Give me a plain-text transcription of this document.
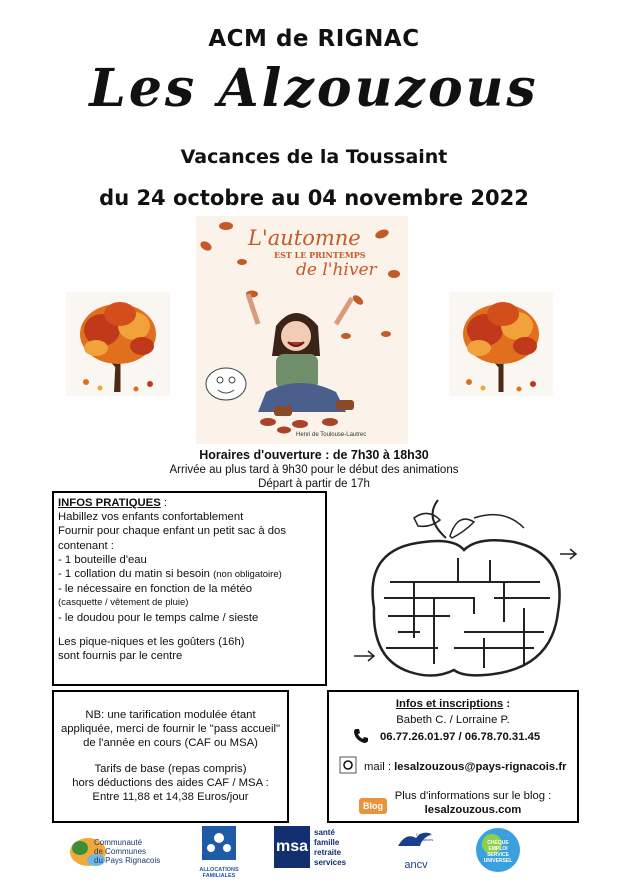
ACM de RIGNAC
Les Alzouzous
Vacances de la Toussaint
du 24 octobre au 04 novembre 2022
L'automne
EST LE PRINTEMPS
de l'hiver
Henri de Toulouse-Lautrec
Horaires d'ouverture : de 7h30 à 18h30
Arrivée au plus tard à 9h30 pour le début des animations
Départ à partir de 17h
INFOS PRATIQUES :
Habillez vos enfants confortablement
Fournir pour chaque enfant un petit sac à dos
contenant :
- 1 bouteille d'eau
- 1 collation du matin si besoin (non obligatoire)
- le nécessaire en fonction de la météo
(casquette / vêtement de pluie)
- le doudou pour le temps calme / sieste
Les pique-niques et les goûters (16h)
sont fournis par le centre
NB: une tarification modulée étant
appliquée, merci de fournir le "pass accueil"
de l'année en cours (CAF ou MSA)
Tarifs de base (repas compris)
hors déductions des aides CAF / MSA :
Entre 11,88 et 14,38 Euros/jour
Infos et inscriptions :
Babeth C. / Lorraine P.
06.77.26.01.97 / 06.78.70.31.45
mail : lesalzouzous@pays-rignacois.fr
Plus d'informations sur le blog :
Blog	lesalzouzous.com
Communauté
de Communes
du Pays Rignacois
ALLOCATIONS FAMILIALES
msa
santé
famille
retraite
services
Chèque-Vacances
ancv
CHÈQUE
EMPLOI
SERVICE
UNIVERSEL
